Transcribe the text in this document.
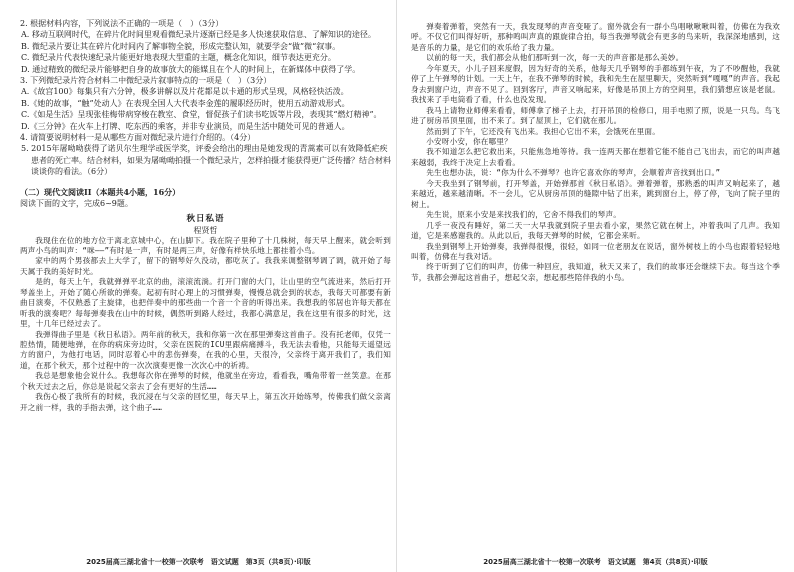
2. 根据材料内容，下列说法不正确的一项是（　）（3分）

A. 移动互联网时代，在碎片化时间里观看微纪录片逐渐已经是多人快速获取信息、了解知识的途径。

B. 微纪录片要让其在碎片化时间内了解事物全貌，形成完整认知，就要学会“做”微“叙事。

C. 微纪录片代表快速纪录片能更好地表现大型重的主题，概念化知识，细节表达更充分。

D. 通过精致的微纪录片能够把自身的故事放大的能媒且在个人的时间上，在新媒体中获得了学。

3. 下列微纪录片符合材料二中微纪录片叙事特点的一项是（　）（3分）

A.《故宫100》每集只有六分钟，极多讲解以及片花都是以卡通的形式呈现，风格轻快活泼。

B.《她的故事，“触”处动人》在表现全国人大代表李金莲的履职经历时，使用五动游戏形式。

C.《如是生活》呈现张桂梅带病穿梭在教室、食堂，督促孩子们读书吃饭等片段，表现其“燃灯精神”。

D.《三分钟》在火车上打牌、吃东西的乘客，并非专业演员，而是生活中随处可见的普通人。

4. 请简要说明材料一是从哪些方面对微纪录片进行介绍的。（4分）

5. 2015年屠呦呦获得了诺贝尔生理学或医学奖，评委会给出的理由是她发现的青蒿素可以有效降低疟疾患者的死亡率。结合材料，如果为屠呦呦拍摄一个微纪录片，怎样拍摄才能获得更广泛传播？结合材料谈谈你的看法。（6分）

（二）现代文阅读II（本题共4小题，16分）

阅读下面的文字，完成6~9题。

秋日私语

程贤哲

我现住在位的地方位于离北京城中心，在山脚下。我在院子里种了十几株树，每天早上醒来，就会听到两声小鸟的叫声：“咪——”有时是一声，有时是两三声，好像有样快乐地上都挂着小鸟。

家中的两个男孩都去上大学了，留下的钢琴好久没动，都吃灰了。我我来调整钢琴调了调，就开始了每天属于我的美好时光。

是的，每天上午，我就弹弹平北京的曲，滚滚流淌。打开门窗的大门，让山里的空气流进来，然后打开琴盖坐上，开始了随心所欲的弹奏。起初有时心理上的习惯弹奏，慢慢总就会到的状态，我每天可都要有新曲目演奏，不仅熟悉了主旋律，也把伴奏中的那些曲一个音一个音的听得出来。我想我的邻居也许每天都在听我的演奏吧？每每弹奏我在山中的时候，偶然听到路人经过，我都心满意足，我在这里有很多的时光，这里，十几年已经过去了。

我弹得曲子里是《秋日私语》。两年前的秋天，我和你第一次在那里弹奏这首曲子。没有托老师，仅凭一腔热情，随便地弹，在你的病床旁边时，父亲在医院的ICU里跟病痛搏斗，我无法去看他，只能每天遥望远方的窗户，为他打电话，同时忍着心中的悲伤弹奏，在我的心里，天很冷，父亲终于离开我们了，我们知道，在那个秋天，那个过程中的一次次演奏更像一次次心中的祈祷。

我总是想象他会说什么。我想每次你在弹琴的时候，他就坐在旁边，看看我，嘴角带着一丝笑意。在那个秋天过去之后，你总是说起父亲去了会有更好的生活……

我伤心极了我所有的时候，我沉浸在与父亲的回忆里，每天早上，第五次开始练琴，传佛我们做父亲离开之前一样，我的手指去弹，这个曲子……

2025届高三湖北省十一校第一次联考　语文试题　第3页（共8页）·印版

弹奏着弹着，突然有一天，我发现琴的声音变哑了。窗外就会有一群小鸟唱啾啾啾叫着，仿佛在为我欢呼。不仅它们叫得好听，那种鸣叫声真的跟旋律合拍，每当我弹琴就会有更多的鸟来听，我深深地感到，这是音乐的力量，是它们的欢乐给了我力量。

以前的每一天，我们都会从他们那听到一次，每一天的声音都是那么美妙。

今年夏天，小儿子回来度假，因为好奇的关系，他每天几乎钢琴的手都练到午夜，为了不吵醒他，我就停了上午弹琴的计划。一天上午，在我不弹琴的时候，我和先生在屋里聊天，突然听到“嘎嘎”的声音。我起身去到窗户边，声音不见了。回到客厅，声音又响起来，好像是吊顶上方的空间里，我们猜想应该是老鼠。我找来了手电筒看了看，什么也没发现。

我马上请物业师傅来看看，师傅拿了梯子上去，打开吊顶的检修口，用手电照了照，说是一只鸟。鸟飞进了厨房吊顶里面，出不来了。到了屋顶上，它们就在那儿。

然而到了下午，它还没有飞出来。我担心它出不来，会饿死在里面。

小安呀小安，你在哪里？

我不知道怎么把它救出来，只能焦急地等待。我一连两天都在想着它能不能自己飞出去，而它的叫声越来越弱，我终于决定上去看看。

先生也想办法，说：“你为什么不弹琴？也许它喜欢你的琴声，会顺着声音找到出口。”

今天我坐到了钢琴前，打开琴盖，开始弹那首《秋日私语》。弹着弹着，那熟悉的叫声又响起来了，越来越近，越来越清晰。不一会儿，它从厨房吊顶的缝隙中钻了出来，跳到窗台上，停了停，飞向了院子里的树上。

先生说，原来小安是来找我们的，它舍不得我们的琴声。

几乎一夜没有睡好，第二天一大早我就到院子里去看小家，果然它就在树上，冲着我叫了几声。我知道，它是来感谢我的。从此以后，我每天弹琴的时候，它都会来听。

我坐到钢琴上开始弹奏，我弹得很慢，很轻，如同一位老朋友在说话，窗外树枝上的小鸟也跟着轻轻地叫着，仿佛在与我对话。

终于听到了它们的叫声，仿佛一种回应，我知道，秋天又来了，我们的故事还会继续下去。每当这个季节，我都会弹起这首曲子，想起父亲，想起那些陪伴我的小鸟。

2025届高三湖北省十一校第一次联考　语文试题　第4页（共8页）·印版
